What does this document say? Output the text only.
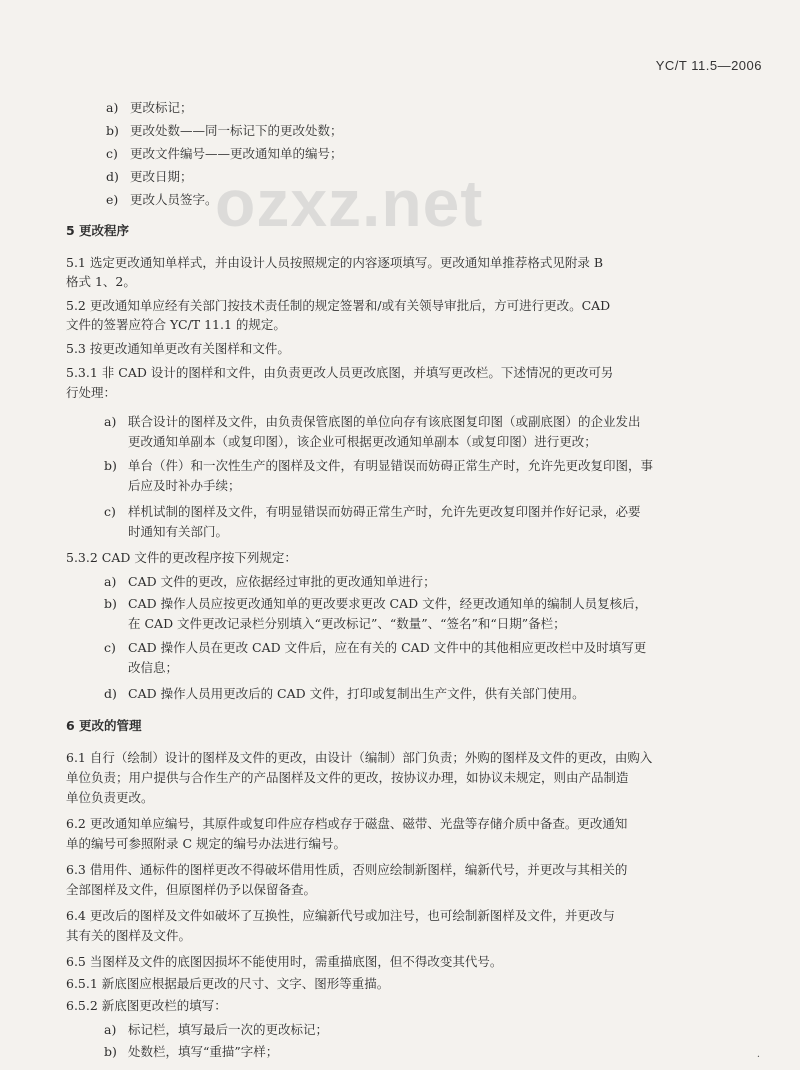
YC/T 11.5—2006
ozxz.net
a) 更改标记；
b) 更改处数——同一标记下的更改处数；
c) 更改文件编号——更改通知单的编号；
d) 更改日期；
e) 更改人员签字。
5 更改程序
5.1 选定更改通知单样式，并由设计人员按照规定的内容逐项填写。更改通知单推荐格式见附录 B
格式 1、2。
5.2 更改通知单应经有关部门按技术责任制的规定签署和/或有关领导审批后，方可进行更改。CAD
文件的签署应符合 YC/T 11.1 的规定。
5.3 按更改通知单更改有关图样和文件。
5.3.1 非 CAD 设计的图样和文件，由负责更改人员更改底图，并填写更改栏。下述情况的更改可另
行处理：
a) 联合设计的图样及文件，由负责保管底图的单位向存有该底图复印图（或副底图）的企业发出
更改通知单副本（或复印图），该企业可根据更改通知单副本（或复印图）进行更改；
b) 单台（件）和一次性生产的图样及文件，有明显错误而妨碍正常生产时，允许先更改复印图，事
后应及时补办手续；
c) 样机试制的图样及文件，有明显错误而妨碍正常生产时，允许先更改复印图并作好记录，必要
时通知有关部门。
5.3.2 CAD 文件的更改程序按下列规定：
a) CAD 文件的更改，应依据经过审批的更改通知单进行；
b) CAD 操作人员应按更改通知单的更改要求更改 CAD 文件，经更改通知单的编制人员复核后，
在 CAD 文件更改记录栏分别填入“更改标记”、“数量”、“签名”和“日期”备栏；
c) CAD 操作人员在更改 CAD 文件后，应在有关的 CAD 文件中的其他相应更改栏中及时填写更
改信息；
d) CAD 操作人员用更改后的 CAD 文件，打印或复制出生产文件，供有关部门使用。
6 更改的管理
6.1 自行（绘制）设计的图样及文件的更改，由设计（编制）部门负责；外购的图样及文件的更改，由购入
单位负责；用户提供与合作生产的产品图样及文件的更改，按协议办理，如协议未规定，则由产品制造
单位负责更改。
6.2 更改通知单应编号，其原件或复印件应存档或存于磁盘、磁带、光盘等存储介质中备查。更改通知
单的编号可参照附录 C 规定的编号办法进行编号。
6.3 借用件、通标件的图样更改不得破坏借用性质，否则应绘制新图样，编新代号，并更改与其相关的
全部图样及文件，但原图样仍予以保留备查。
6.4 更改后的图样及文件如破坏了互换性，应编新代号或加注号，也可绘制新图样及文件，并更改与
其有关的图样及文件。
6.5 当图样及文件的底图因损坏不能使用时，需重描底图，但不得改变其代号。
6.5.1 新底图应根据最后更改的尺寸、文字、图形等重描。
6.5.2 新底图更改栏的填写：
a) 标记栏，填写最后一次的更改标记；
b) 处数栏，填写“重描”字样；	·
